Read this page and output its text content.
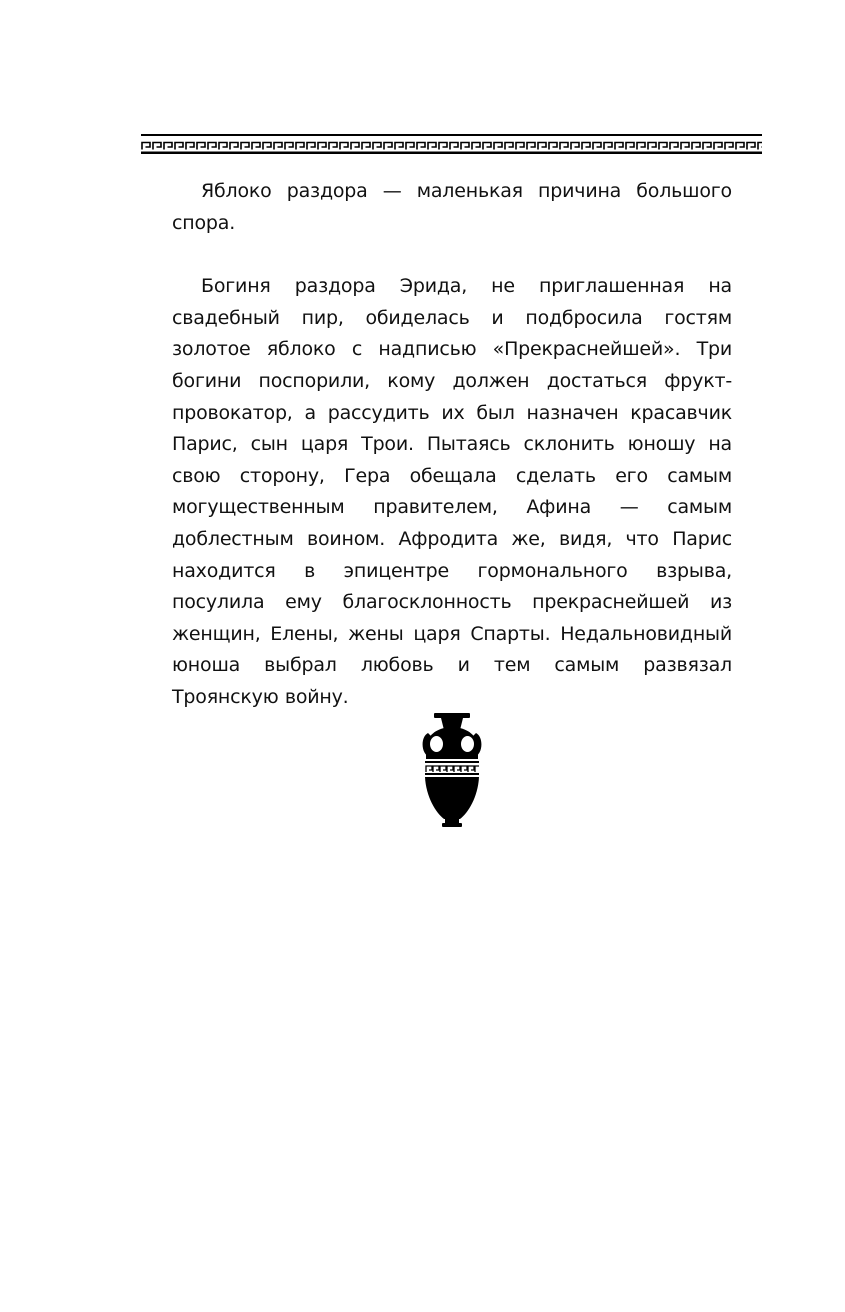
Яблоко раздора — маленькая причина большого спора.

Богиня раздора Эрида, не приглашенная на свадебный пир, обиделась и подбросила гостям золотое яблоко с надписью «Прекраснейшей». Три богини поспорили, кому должен достаться фрукт-провокатор, а рассудить их был назначен красавчик Парис, сын царя Трои. Пытаясь склонить юношу на свою сторону, Гера обещала сделать его самым могущественным правителем, Афина — самым доблестным воином. Афродита же, видя, что Парис находится в эпицентре гормонального взрыва, посулила ему благосклонность прекраснейшей из женщин, Елены, жены царя Спарты. Недальновидный юноша выбрал любовь и тем самым развязал Троянскую войну.
